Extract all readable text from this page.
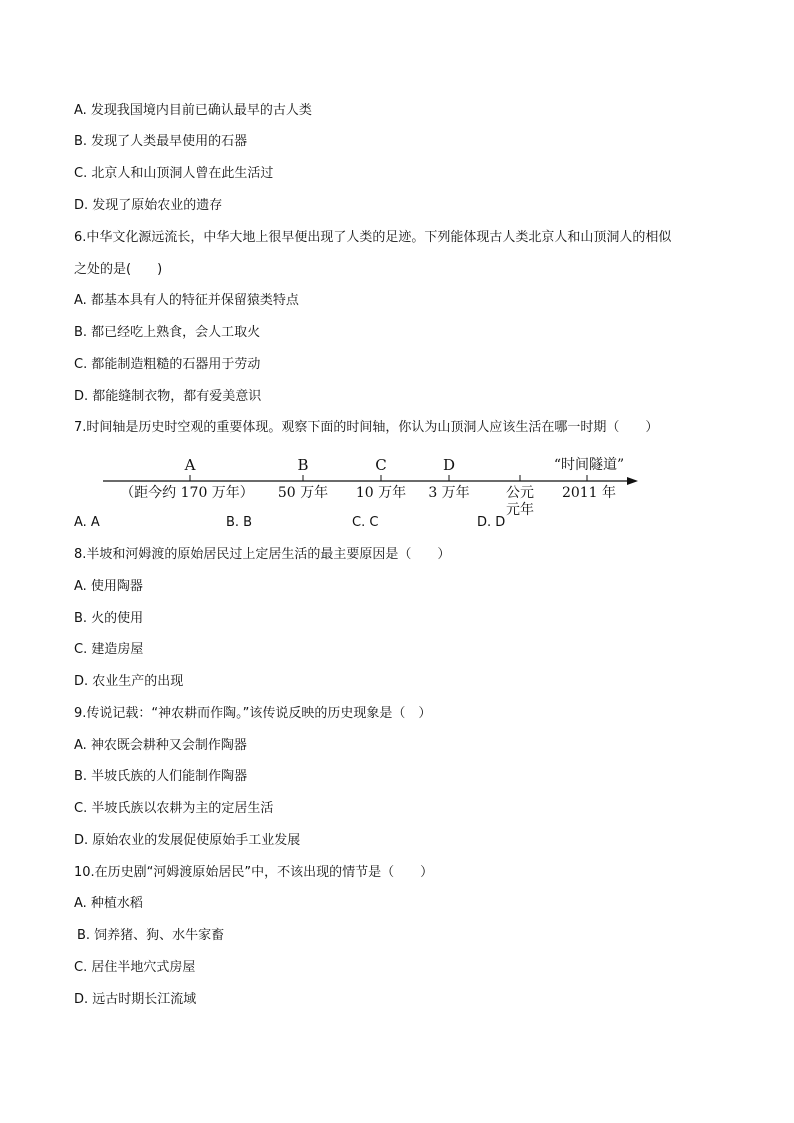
A. 发现我国境内目前已确认最早的古人类
B. 发现了人类最早使用的石器
C. 北京人和山顶洞人曾在此生活过
D. 发现了原始农业的遗存
6.中华文化源远流长，中华大地上很早便出现了人类的足迹。下列能体现古人类北京人和山顶洞人的相似
之处的是(　　)
A. 都基本具有人的特征并保留猿类特点
B. 都已经吃上熟食，会人工取火
C. 都能制造粗糙的石器用于劳动
D. 都能缝制衣物，都有爱美意识
7.时间轴是历史时空观的重要体现。观察下面的时间轴，你认为山顶洞人应该生活在哪一时期（　　）
A	B	C	D	“时间隧道”
（距今约 170 万年） 50 万年 10 万年 3 万年	公元
元年
2011 年
A. A	B. B	C. C	D. D
8.半坡和河姆渡的原始居民过上定居生活的最主要原因是（　　）
A. 使用陶器
B. 火的使用
C. 建造房屋
D. 农业生产的出现
9.传说记载：“神农耕而作陶。”该传说反映的历史现象是（　）
A. 神农既会耕种又会制作陶器
B. 半坡氏族的人们能制作陶器
C. 半坡氏族以农耕为主的定居生活
D. 原始农业的发展促使原始手工业发展
10.在历史剧“河姆渡原始居民”中，不该出现的情节是（　　）
A. 种植水稻
B. 饲养猪、狗、水牛家畜
C. 居住半地穴式房屋
D. 远古时期长江流域
